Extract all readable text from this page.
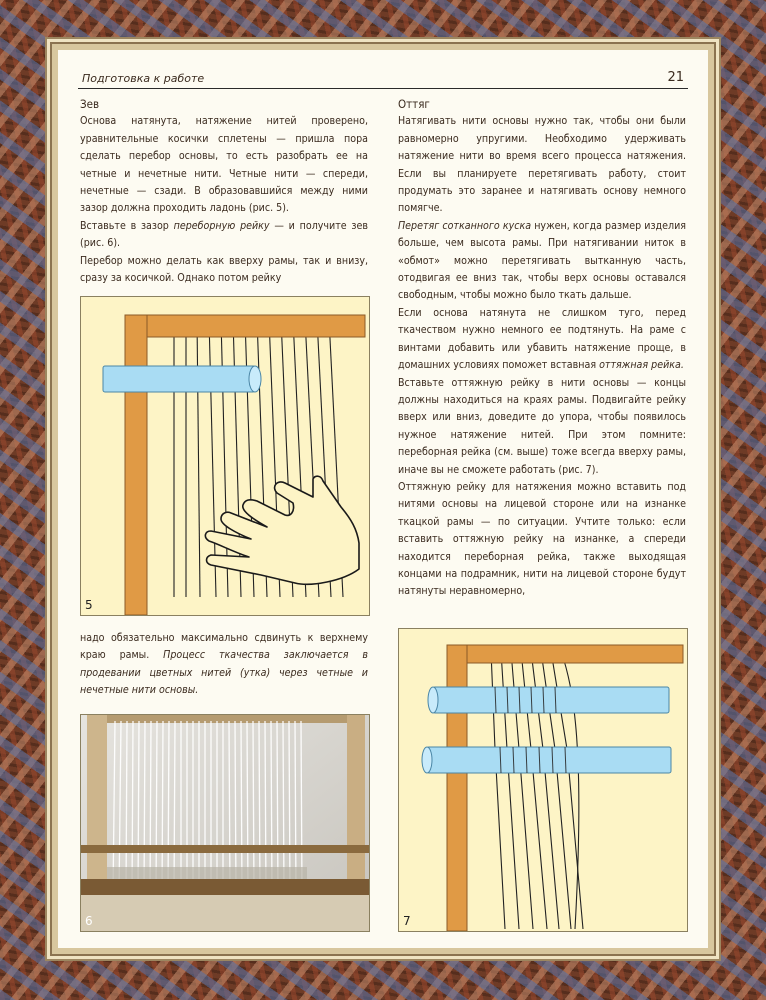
Подготовка к работе	21

Зев

Основа натянута, натяжение нитей проверено, уравнительные косички сплетены — пришла пора сделать перебор основы, то есть разобрать ее на четные и нечетные нити. Четные нити — спереди, нечетные — сзади. В образовавшийся между ними зазор должна проходить ладонь (рис. 5).

Вставьте в зазор переборную рейку — и получите зев (рис. 6).

Перебор можно делать как вверху рамы, так и внизу, сразу за косичкой. Однако потом рейку

5

надо обязательно максимально сдвинуть к верхнему краю рамы. Процесс ткачества заключается в продевании цветных нитей (утка) через четные и нечетные нити основы.

6

Оттяг

Натягивать нити основы нужно так, чтобы они были равномерно упругими. Необходимо удерживать натяжение нити во время всего процесса натяжения. Если вы планируете перетягивать работу, стоит продумать это заранее и натягивать основу немного помягче.

Перетяг сотканного куска нужен, когда размер изделия больше, чем высота рамы. При натягивании ниток в «обмот» можно перетягивать вытканную часть, отодвигая ее вниз так, чтобы верх основы оставался свободным, чтобы можно было ткать дальше.

Если основа натянута не слишком туго, перед ткачеством нужно немного ее подтянуть. На раме с винтами добавить или убавить натяжение проще, в домашних условиях поможет вставная оттяжная рейка.

Вставьте оттяжную рейку в нити основы — концы должны находиться на краях рамы. Подвигайте рейку вверх или вниз, доведите до упора, чтобы появилось нужное натяжение нитей. При этом помните: переборная рейка (см. выше) тоже всегда вверху рамы, иначе вы не сможете работать (рис. 7).

Оттяжную рейку для натяжения можно вставить под нитями основы на лицевой стороне или на изнанке ткацкой рамы — по ситуации. Учтите только: если вставить оттяжную рейку на изнанке, а спереди находится переборная рейка, также выходящая концами на подрамник, нити на лицевой стороне будут натянуты неравномерно,

7
